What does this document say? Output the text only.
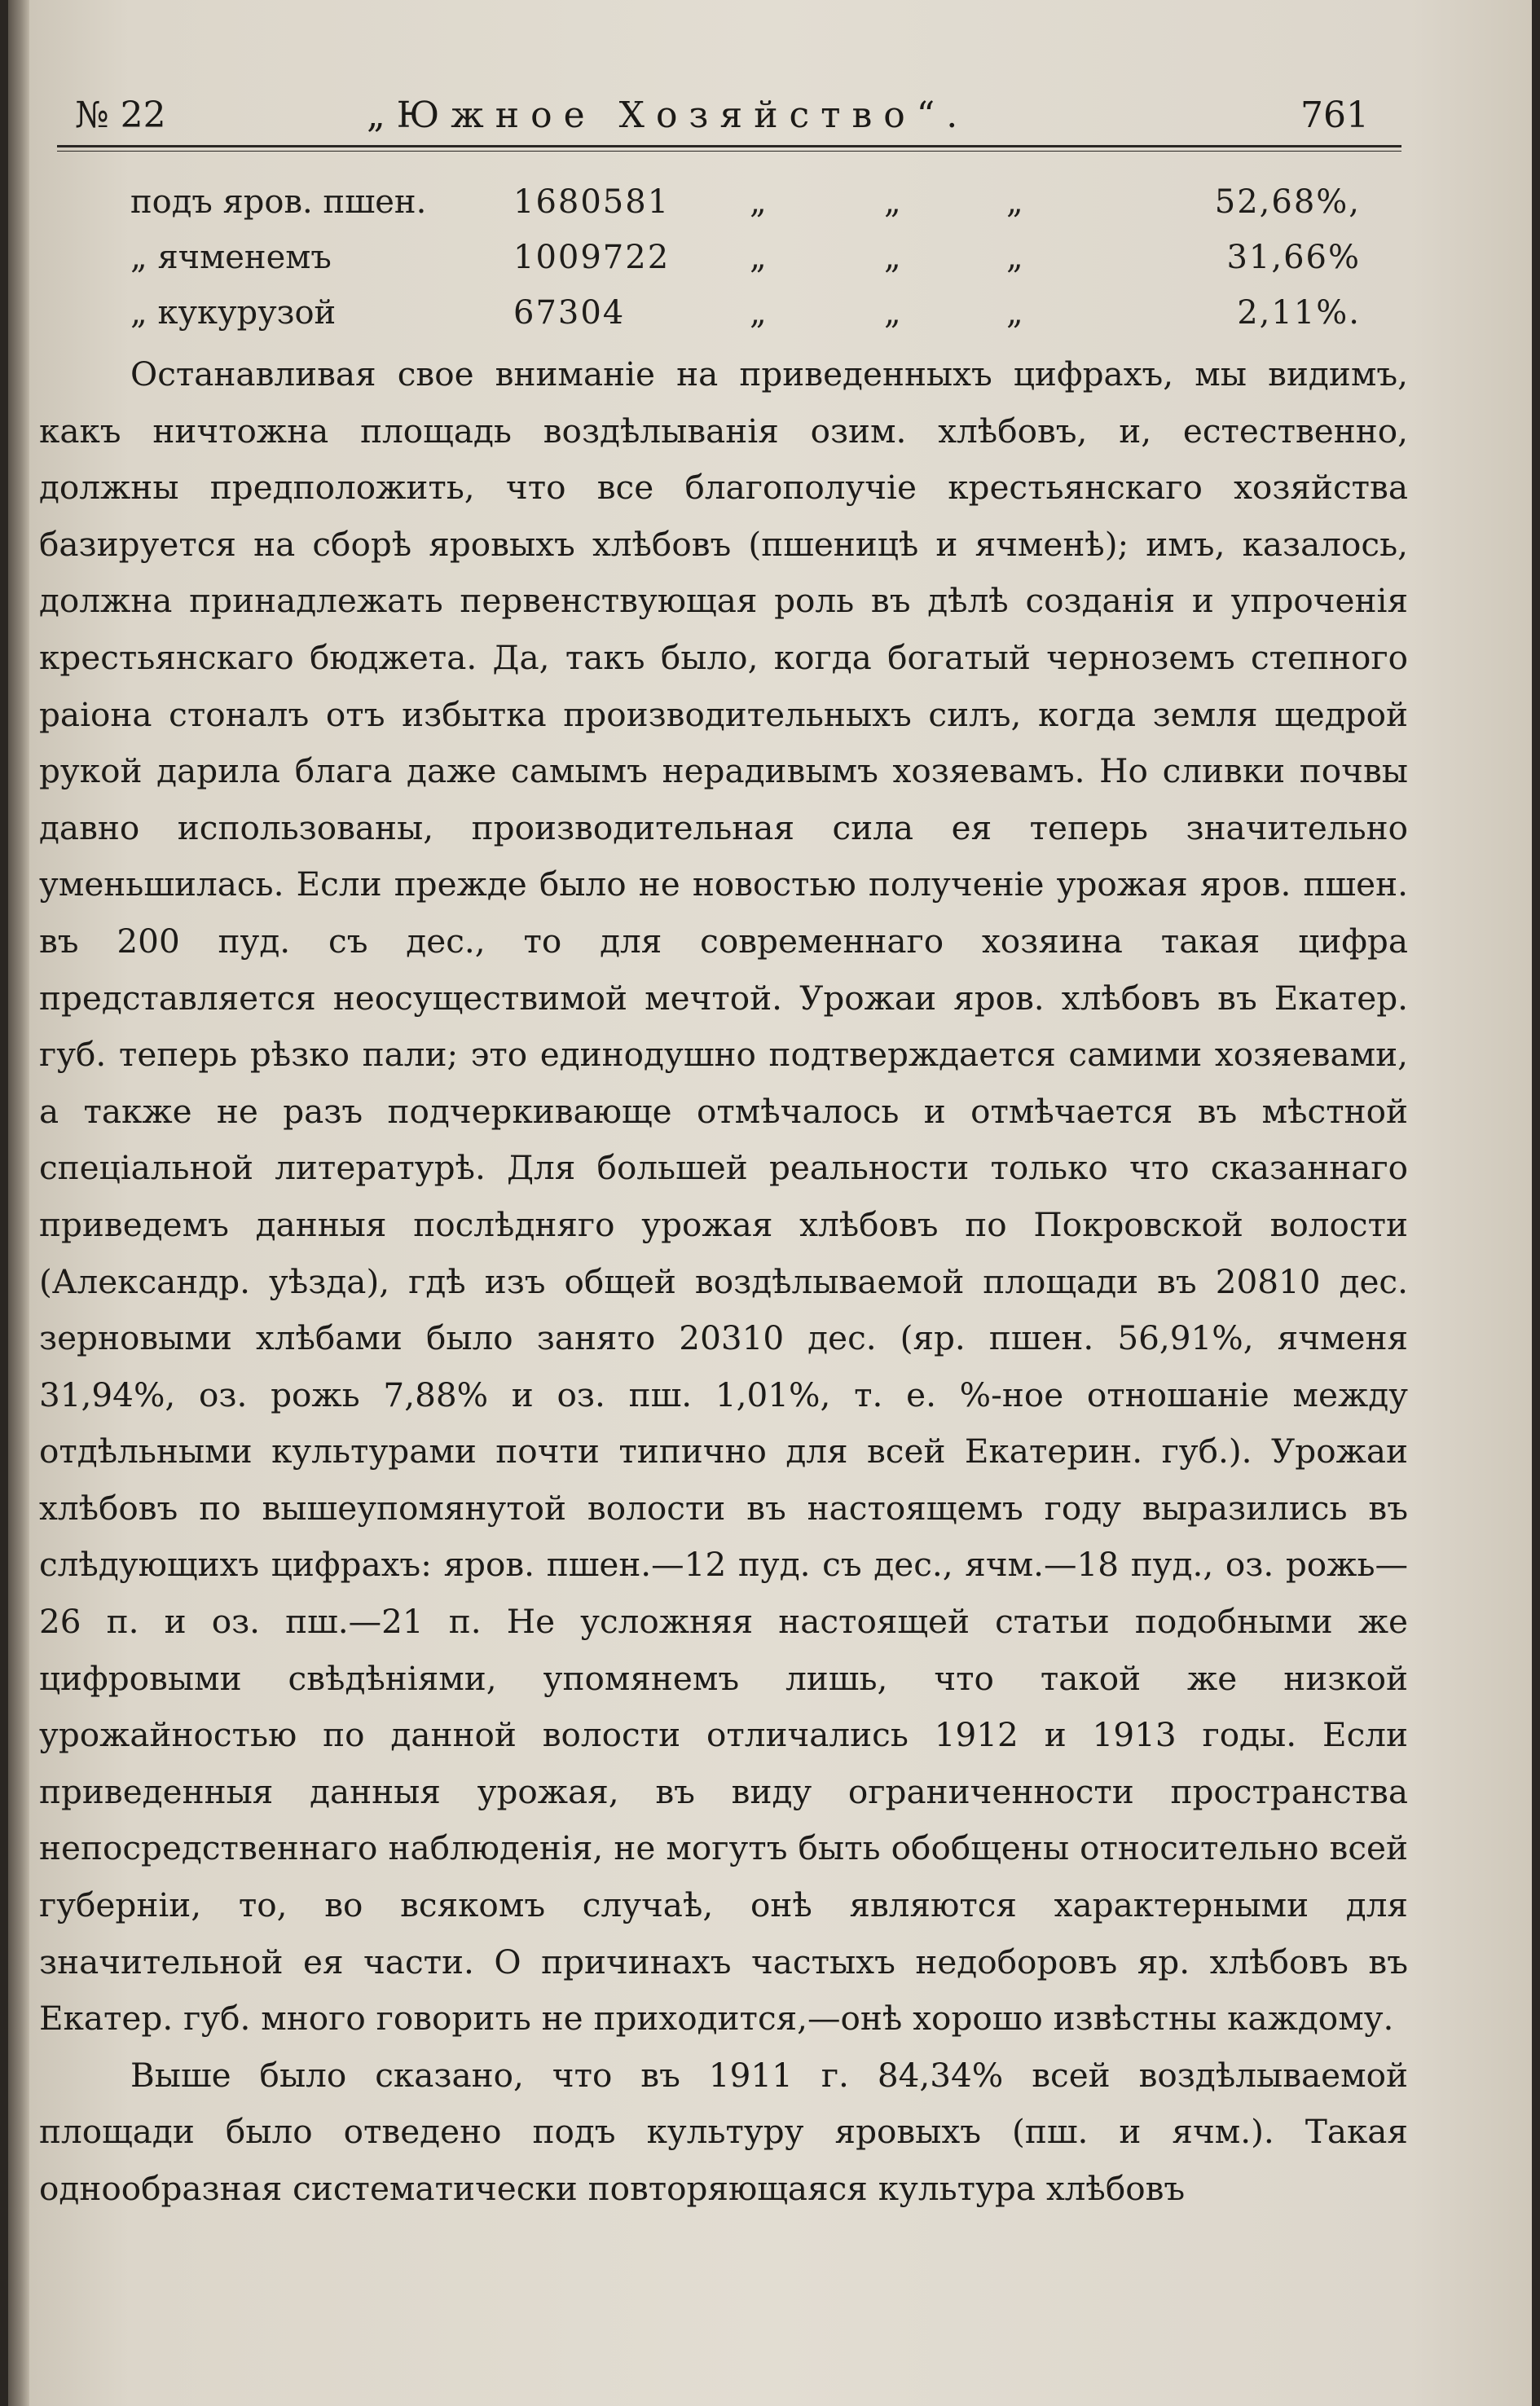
№ 22	„Южное Хозяйство“.	761
подъ яров. пшен.	1680581 „	„	„	52,68%,
„ ячменемъ	1009722 „	„	„	31,66%
„ кукурузой	67304	„	„	„	2,11%.

Останавливая свое вниманіе на приведенныхъ цифрахъ, мы видимъ, какъ ничтожна площадь воздѣлыванія озим. хлѣбовъ, и, естественно, должны предположить, что все благополучіе крестьянскаго хозяйства базируется на сборѣ яровыхъ хлѣбовъ (пшеницѣ и ячменѣ); имъ, казалось, должна принадлежать первенствующая роль въ дѣлѣ созданія и упроченія крестьянскаго бюджета. Да, такъ было, когда богатый черноземъ степного раіона стоналъ отъ избытка производительныхъ силъ, когда земля щедрой рукой дарила блага даже самымъ нерадивымъ хозяевамъ. Но сливки почвы давно использованы, производительная сила ея теперь значительно уменьшилась. Если прежде было не новостью полученіе урожая яров. пшен. въ 200 пуд. съ дес., то для современнаго хозяина такая цифра представляется неосуществимой мечтой. Урожаи яров. хлѣбовъ въ Екатер. губ. теперь рѣзко пали; это единодушно подтверждается самими хозяевами, а также не разъ подчеркивающе отмѣчалось и отмѣчается въ мѣстной спеціальной литературѣ. Для большей реальности только что сказаннаго приведемъ данныя послѣдняго урожая хлѣбовъ по Покровской волости (Александр. уѣзда), гдѣ изъ общей воздѣлываемой площади въ 20810 дес. зерновыми хлѣбами было занято 20310 дес. (яр. пшен. 56,91%, ячменя 31,94%, оз. рожь 7,88% и оз. пш. 1,01%, т. е. %-ное отношаніе между отдѣльными культурами почти типично для всей Екатерин. губ.). Урожаи хлѣбовъ по вышеупомянутой волости въ настоящемъ году выразились въ слѣдующихъ цифрахъ: яров. пшен.—12 пуд. съ дес., ячм.—18 пуд., оз. рожь—26 п. и оз. пш.—21 п. Не усложняя настоящей статьи подобными же цифровыми свѣдѣніями, упомянемъ лишь, что такой же низкой урожайностью по данной волости отличались 1912 и 1913 годы. Если приведенныя данныя урожая, въ виду ограниченности пространства непосредственнаго наблюденія, не могутъ быть обобщены относительно всей губерніи, то, во всякомъ случаѣ, онѣ являются характерными для значительной ея части. О причинахъ частыхъ недоборовъ яр. хлѣбовъ въ Екатер. губ. много говорить не приходится,—онѣ хорошо извѣстны каждому.

Выше было сказано, что въ 1911 г. 84,34% всей воздѣлываемой площади было отведено подъ культуру яровыхъ (пш. и ячм.). Такая однообразная систематически повторяющаяся культура хлѣбовъ
